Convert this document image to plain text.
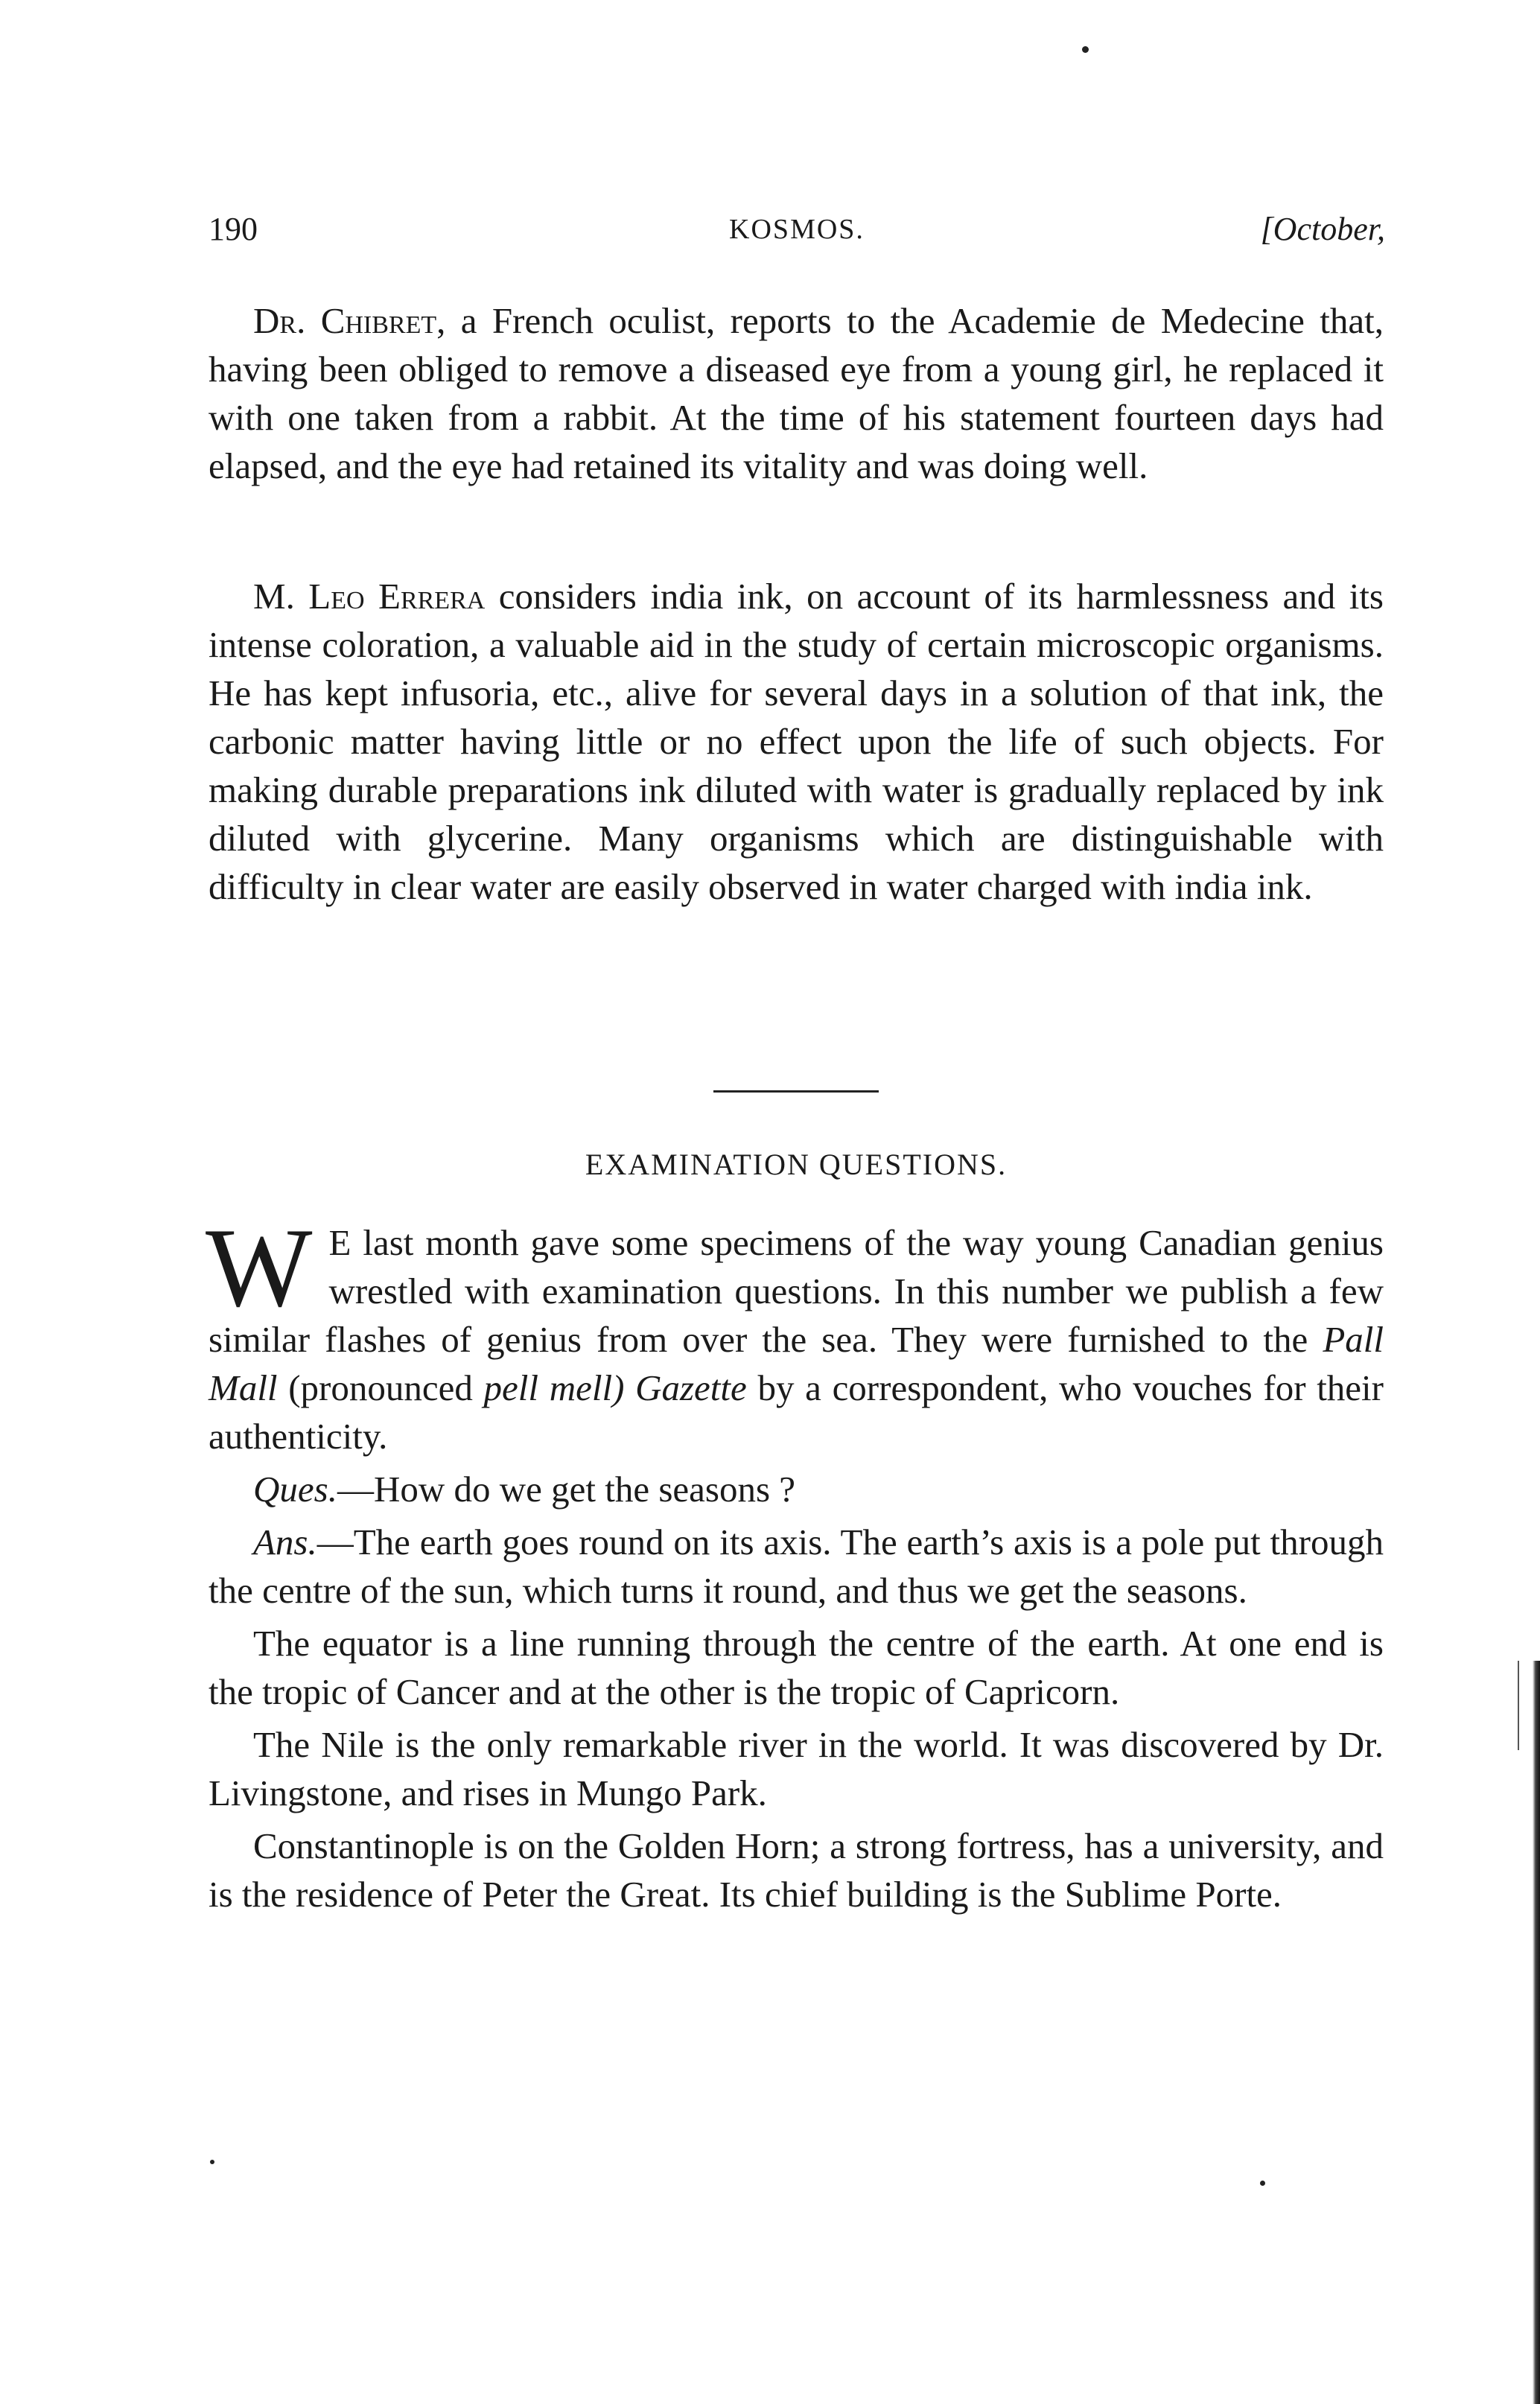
190	KOSMOS.	[October,

Dr. Chibret, a French oculist, reports to the Academie de Medecine that, having been obliged to remove a diseased eye from a young girl, he replaced it with one taken from a rabbit. At the time of his statement fourteen days had elapsed, and the eye had retained its vitality and was doing well.

M. Leo Errera considers india ink, on account of its harmlessness and its intense coloration, a valuable aid in the study of certain microscopic organisms. He has kept infusoria, etc., alive for several days in a solution of that ink, the carbonic matter having little or no effect upon the life of such objects. For making durable preparations ink diluted with water is gradually replaced by ink diluted with glycerine. Many organisms which are distinguishable with difficulty in clear water are easily observed in water charged with india ink.

EXAMINATION QUESTIONS.

W E last month gave some specimens of the way young Canadian genius wrestled with examination questions. In this number we publish a few similar flashes of genius from over the sea. They were furnished to the Pall Mall (pronounced pell mell) Gazette by a correspondent, who vouches for their authenticity.

Ques.—How do we get the seasons ?

Ans.—The earth goes round on its axis. The earth’s axis is a pole put through the centre of the sun, which turns it round, and thus we get the seasons.

The equator is a line running through the centre of the earth. At one end is the tropic of Cancer and at the other is the tropic of Capricorn.

The Nile is the only remarkable river in the world. It was discovered by Dr. Livingstone, and rises in Mungo Park.

Constantinople is on the Golden Horn; a strong fortress, has a university, and is the residence of Peter the Great. Its chief building is the Sublime Porte.
